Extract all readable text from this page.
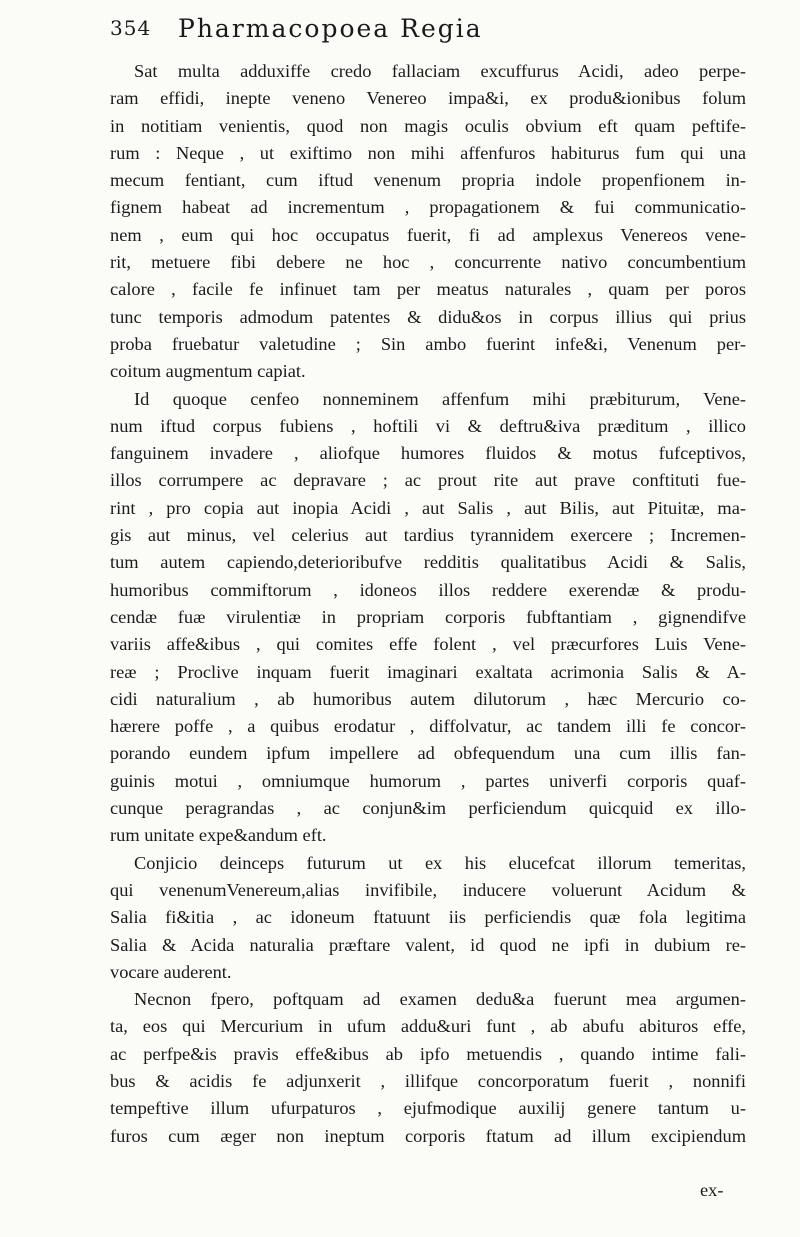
354 Pharmacopoea Regia
Sat multa adduxiffe credo fallaciam excuffurus Acidi, adeo perpe-
ram effidi, inepte veneno Venereo impa&i, ex produ&ionibus folum
in notitiam venientis, quod non magis oculis obvium eft quam peftife-
rum : Neque , ut exiftimo non mihi affenfuros habiturus fum qui una
mecum fentiant, cum iftud venenum propria indole propenfionem in-
fignem habeat ad incrementum , propagationem & fui communicatio-
nem , eum qui hoc occupatus fuerit, fi ad amplexus Venereos vene-
rit, metuere fibi debere ne hoc , concurrente nativo concumbentium
calore , facile fe infinuet tam per meatus naturales , quam per poros
tunc temporis admodum patentes & didu&os in corpus illius qui prius
proba fruebatur valetudine ; Sin ambo fuerint infe&i, Venenum per-
coitum augmentum capiat.
Id quoque cenfeo nonneminem affenfum mihi præbiturum, Vene-
num iftud corpus fubiens , hoftili vi & deftru&iva præditum , illico
fanguinem invadere , aliofque humores fluidos & motus fufceptivos,
illos corrumpere ac depravare ; ac prout rite aut prave conftituti fue-
rint , pro copia aut inopia Acidi , aut Salis , aut Bilis, aut Pituitæ, ma-
gis aut minus, vel celerius aut tardius tyrannidem exercere ; Incremen-
tum autem capiendo,deterioribufve redditis qualitatibus Acidi & Salis,
humoribus commiftorum , idoneos illos reddere exerendæ & produ-
cendæ fuæ virulentiæ in propriam corporis fubftantiam , gignendifve
variis affe&ibus , qui comites effe folent , vel præcurfores Luis Vene-
reæ ; Proclive inquam fuerit imaginari exaltata acrimonia Salis & A-
cidi naturalium , ab humoribus autem dilutorum , hæc Mercurio co-
hærere poffe , a quibus erodatur , diffolvatur, ac tandem illi fe concor-
porando eundem ipfum impellere ad obfequendum una cum illis fan-
guinis motui , omniumque humorum , partes univerfi corporis quaf-
cunque peragrandas , ac conjun&im perficiendum quicquid ex illo-
rum unitate expe&andum eft.
Conjicio deinceps futurum ut ex his elucefcat illorum temeritas,
qui venenumVenereum,alias invifibile, inducere voluerunt Acidum &
Salia fi&itia , ac idoneum ftatuunt iis perficiendis quæ fola legitima
Salia & Acida naturalia præftare valent, id quod ne ipfi in dubium re-
vocare auderent.
Necnon fpero, poftquam ad examen dedu&a fuerunt mea argumen-
ta, eos qui Mercurium in ufum addu&uri funt , ab abufu abituros effe,
ac perfpe&is pravis effe&ibus ab ipfo metuendis , quando intime fali-
bus & acidis fe adjunxerit , illifque concorporatum fuerit , nonnifi
tempeftive illum ufurpaturos , ejufmodique auxilij genere tantum u-
furos cum æger non ineptum corporis ftatum ad illum excipiendum
ex-
